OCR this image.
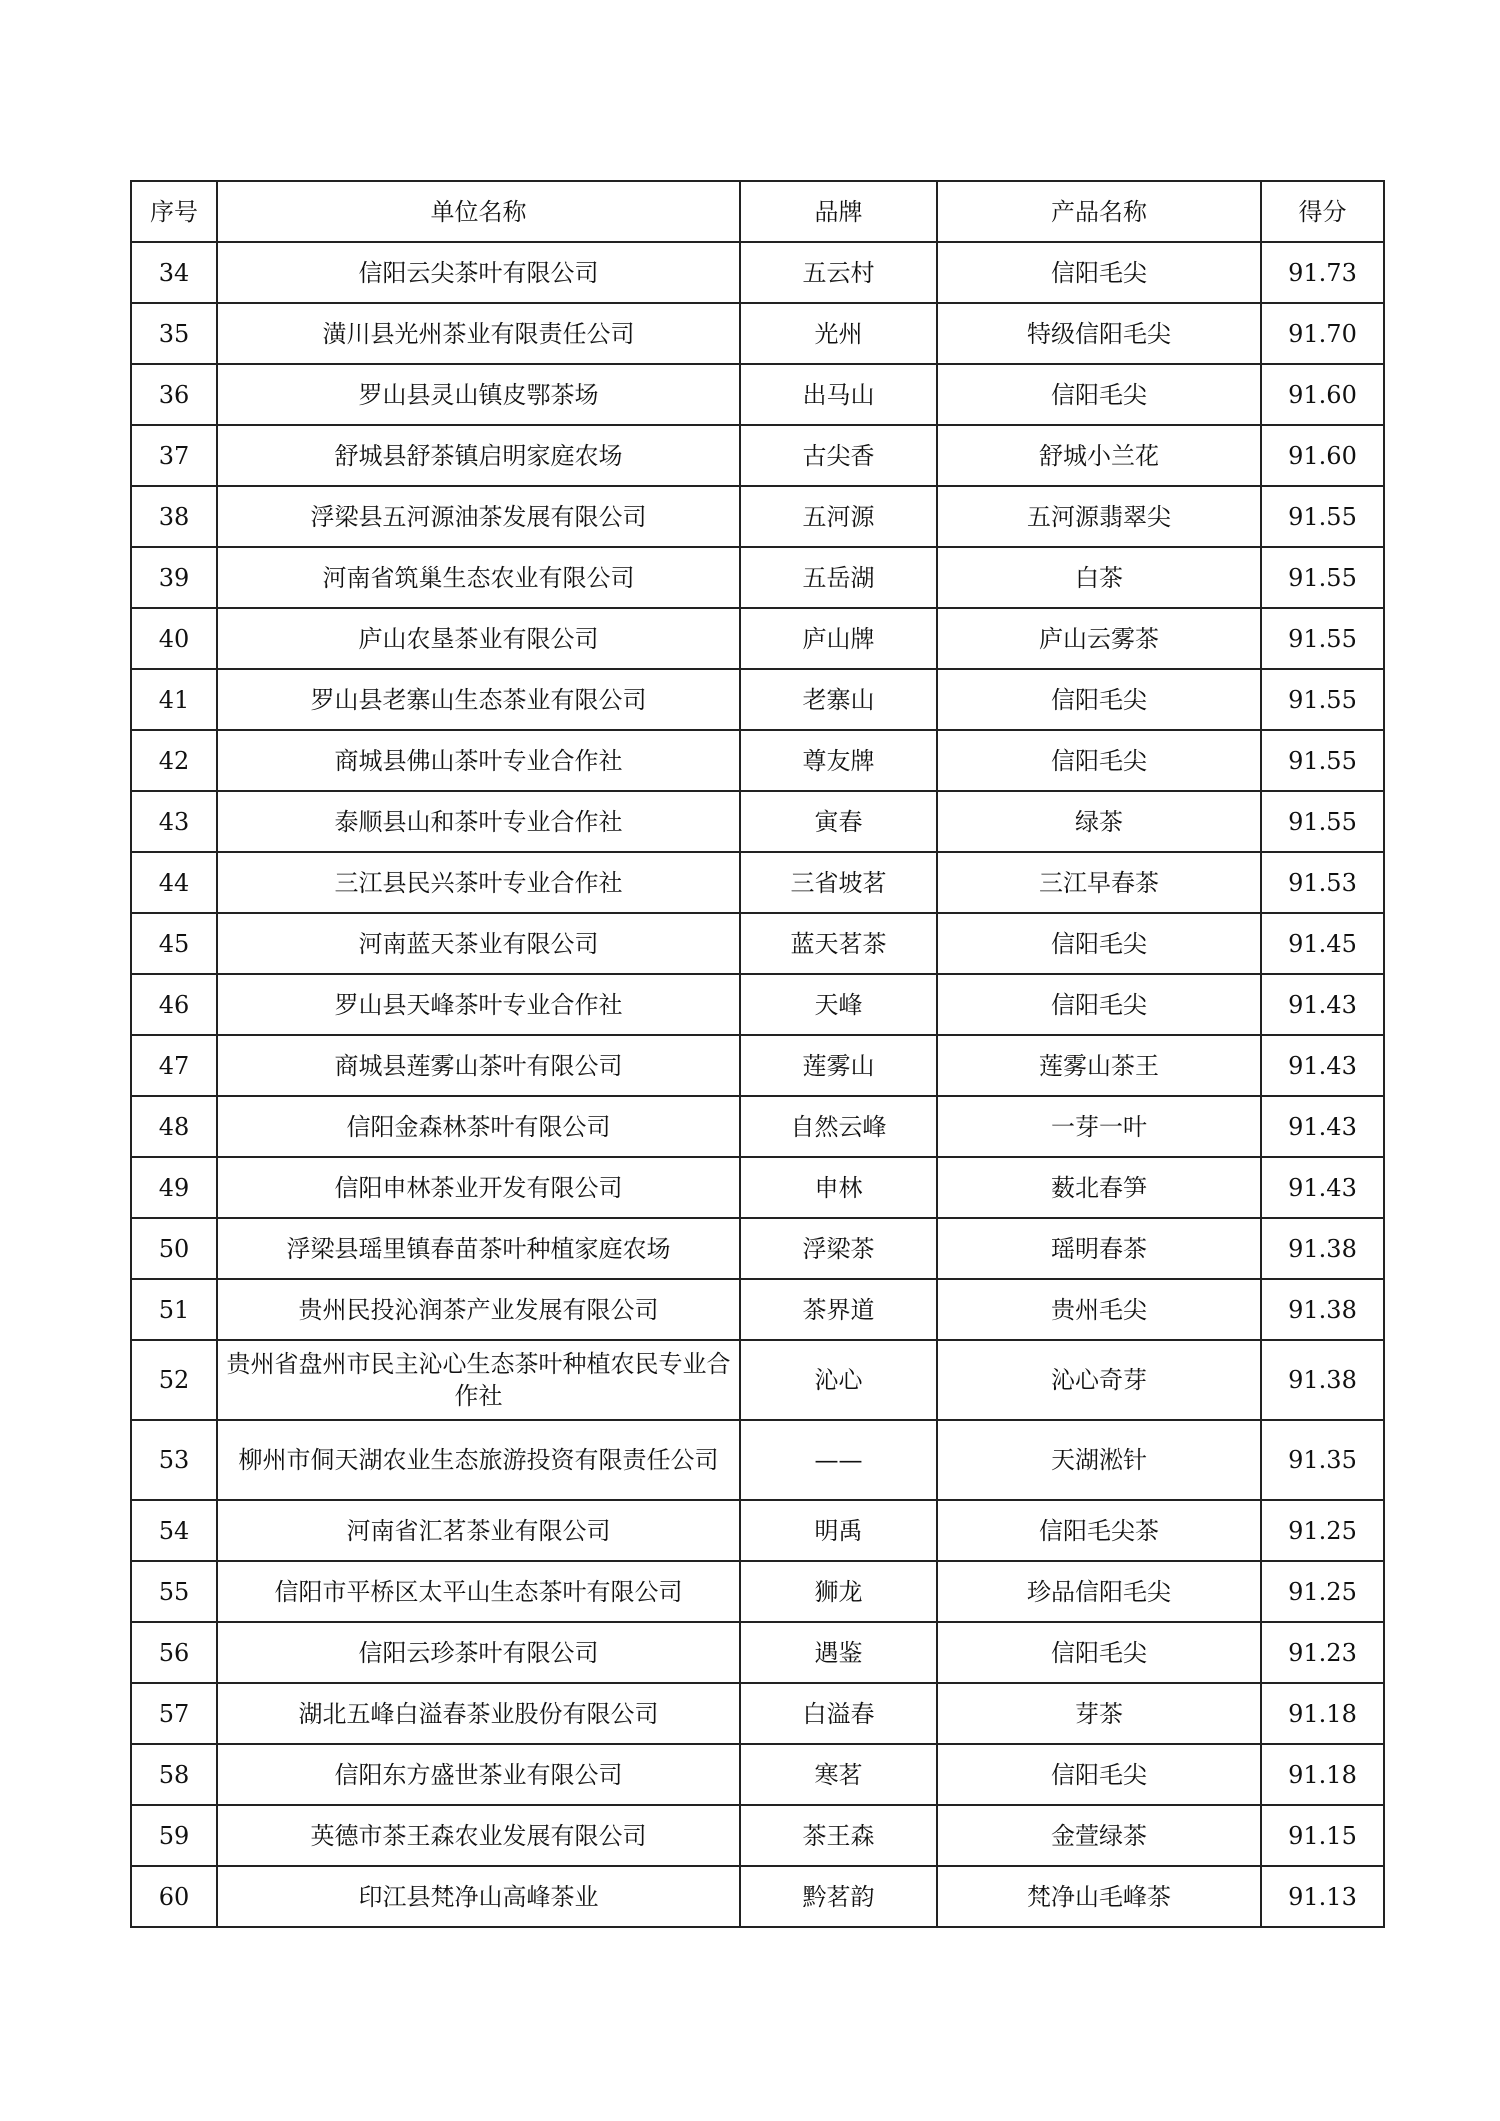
序号	单位名称	品牌	产品名称	得分
34	信阳云尖茶叶有限公司	五云村	信阳毛尖	91.73
35	潢川县光州茶业有限责任公司	光州	特级信阳毛尖	91.70
36	罗山县灵山镇皮鄂茶场	出马山	信阳毛尖	91.60
37	舒城县舒茶镇启明家庭农场	古尖香	舒城小兰花	91.60
38	浮梁县五河源油茶发展有限公司	五河源	五河源翡翠尖	91.55
39	河南省筑巢生态农业有限公司	五岳湖	白茶	91.55
40	庐山农垦茶业有限公司	庐山牌	庐山云雾茶	91.55
41	罗山县老寨山生态茶业有限公司	老寨山	信阳毛尖	91.55
42	商城县佛山茶叶专业合作社	尊友牌	信阳毛尖	91.55
43	泰顺县山和茶叶专业合作社	寅春	绿茶	91.55
44	三江县民兴茶叶专业合作社	三省坡茗	三江早春茶	91.53
45	河南蓝天茶业有限公司	蓝天茗茶	信阳毛尖	91.45
46	罗山县天峰茶叶专业合作社	天峰	信阳毛尖	91.43
47	商城县莲雾山茶叶有限公司	莲雾山	莲雾山茶王	91.43
48	信阳金森林茶叶有限公司	自然云峰	一芽一叶	91.43
49	信阳申林茶业开发有限公司	申林	薮北春笋	91.43
50	浮梁县瑶里镇春苗茶叶种植家庭农场	浮梁茶	瑶明春茶	91.38
51	贵州民投沁润茶产业发展有限公司	茶界道	贵州毛尖	91.38
52	贵州省盘州市民主沁心生态茶叶种植农民专业合作社	沁心	沁心奇芽	91.38
53	柳州市侗天湖农业生态旅游投资有限责任公司	——	天湖淞针	91.35
54	河南省汇茗茶业有限公司	明禹	信阳毛尖茶	91.25
55	信阳市平桥区太平山生态茶叶有限公司	狮龙	珍品信阳毛尖	91.25
56	信阳云珍茶叶有限公司	遇鉴	信阳毛尖	91.23
57	湖北五峰白溢春茶业股份有限公司	白溢春	芽茶	91.18
58	信阳东方盛世茶业有限公司	寒茗	信阳毛尖	91.18
59	英德市茶王森农业发展有限公司	茶王森	金萱绿茶	91.15
60	印江县梵净山高峰茶业	黔茗韵	梵净山毛峰茶	91.13
